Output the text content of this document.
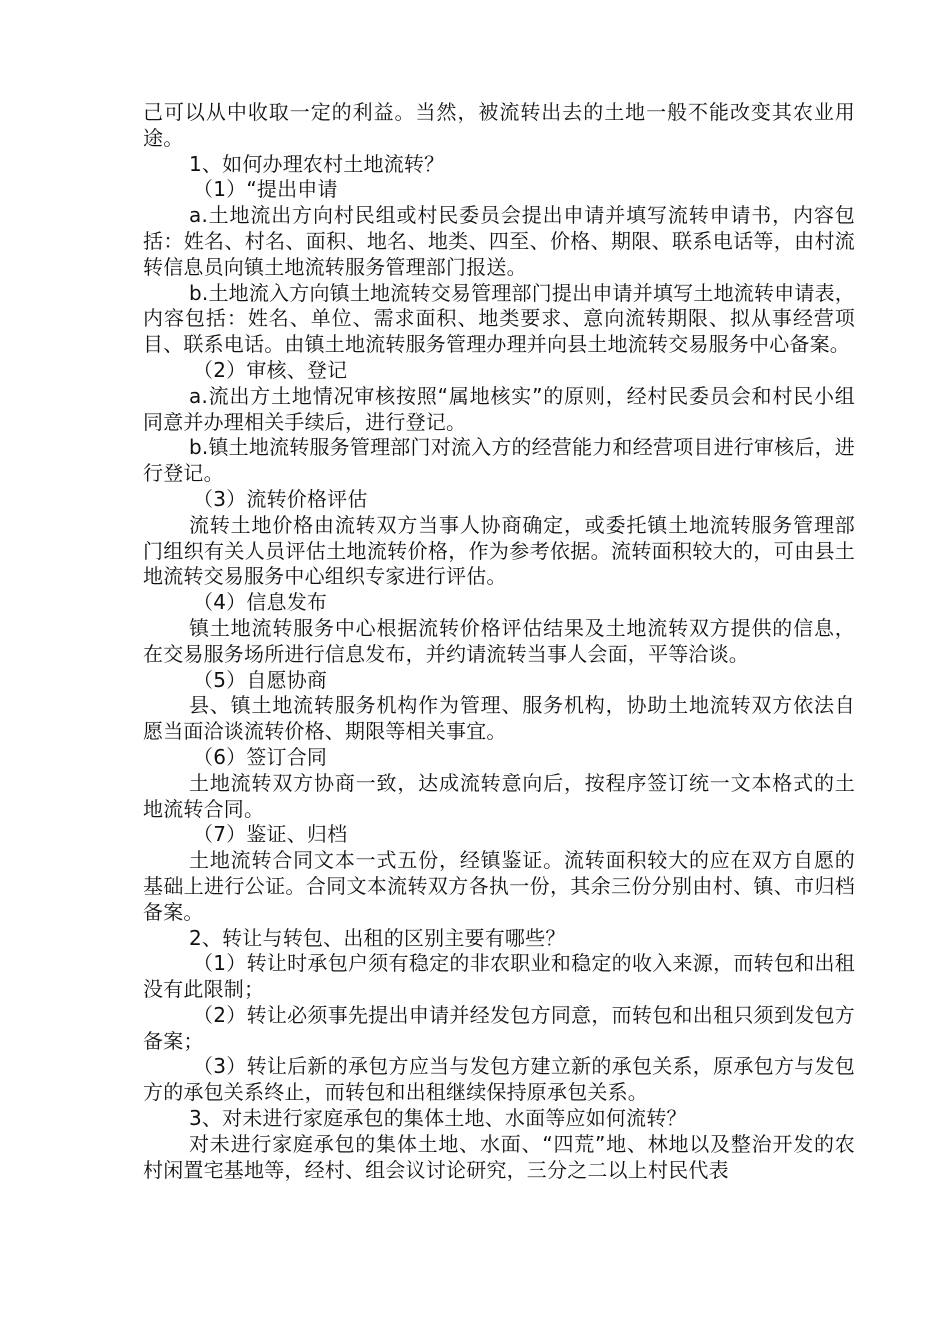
己可以从中收取一定的利益。当然，被流转出去的土地一般不能改变其农业用途。

1、如何办理农村土地流转？

（1）“提出申请

a.土地流出方向村民组或村民委员会提出申请并填写流转申请书，内容包括：姓名、村名、面积、地名、地类、四至、价格、期限、联系电话等，由村流转信息员向镇土地流转服务管理部门报送。

b.土地流入方向镇土地流转交易管理部门提出申请并填写土地流转申请表，内容包括：姓名、单位、需求面积、地类要求、意向流转期限、拟从事经营项目、联系电话。由镇土地流转服务管理办理并向县土地流转交易服务中心备案。

（2）审核、登记

a.流出方土地情况审核按照“属地核实”的原则，经村民委员会和村民小组同意并办理相关手续后，进行登记。

b.镇土地流转服务管理部门对流入方的经营能力和经营项目进行审核后，进行登记。

（3）流转价格评估

流转土地价格由流转双方当事人协商确定，或委托镇土地流转服务管理部门组织有关人员评估土地流转价格，作为参考依据。流转面积较大的，可由县土地流转交易服务中心组织专家进行评估。

（4）信息发布

镇土地流转服务中心根据流转价格评估结果及土地流转双方提供的信息，在交易服务场所进行信息发布，并约请流转当事人会面，平等洽谈。

（5）自愿协商

县、镇土地流转服务机构作为管理、服务机构，协助土地流转双方依法自愿当面洽谈流转价格、期限等相关事宜。

（6）签订合同

土地流转双方协商一致，达成流转意向后，按程序签订统一文本格式的土地流转合同。

（7）鉴证、归档

土地流转合同文本一式五份，经镇鉴证。流转面积较大的应在双方自愿的基础上进行公证。合同文本流转双方各执一份，其余三份分别由村、镇、市归档备案。

2、转让与转包、出租的区别主要有哪些？

（1）转让时承包户须有稳定的非农职业和稳定的收入来源，而转包和出租没有此限制；

（2）转让必须事先提出申请并经发包方同意，而转包和出租只须到发包方备案；

（3）转让后新的承包方应当与发包方建立新的承包关系，原承包方与发包方的承包关系终止，而转包和出租继续保持原承包关系。

3、对未进行家庭承包的集体土地、水面等应如何流转？

对未进行家庭承包的集体土地、水面、“四荒”地、林地以及整治开发的农村闲置宅基地等，经村、组会议讨论研究，三分之二以上村民代表
